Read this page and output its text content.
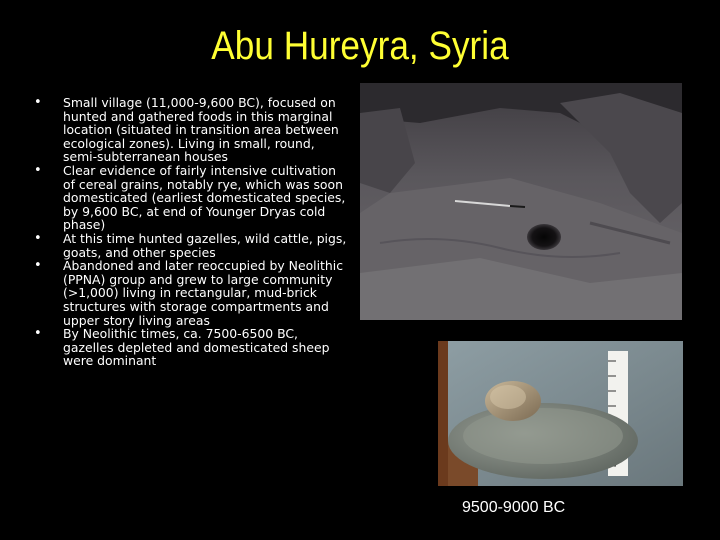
Abu Hureyra, Syria
• Small village (11,000-9,600 BC), focused on hunted and gathered foods in this marginal location (situated in transition area between ecological zones). Living in small, round, semi-subterranean houses
• Clear evidence of fairly intensive cultivation of cereal grains, notably rye, which was soon domesticated (earliest domesticated species, by 9,600 BC, at end of Younger Dryas cold phase)
• At this time hunted gazelles, wild cattle, pigs, goats, and other species
• Abandoned and later reoccupied by Neolithic (PPNA) group and grew to large community (>1,000) living in rectangular, mud-brick structures with storage compartments and upper story living areas
• By Neolithic times, ca. 7500-6500 BC, gazelles depleted and domesticated sheep were dominant
9500-9000 BC
